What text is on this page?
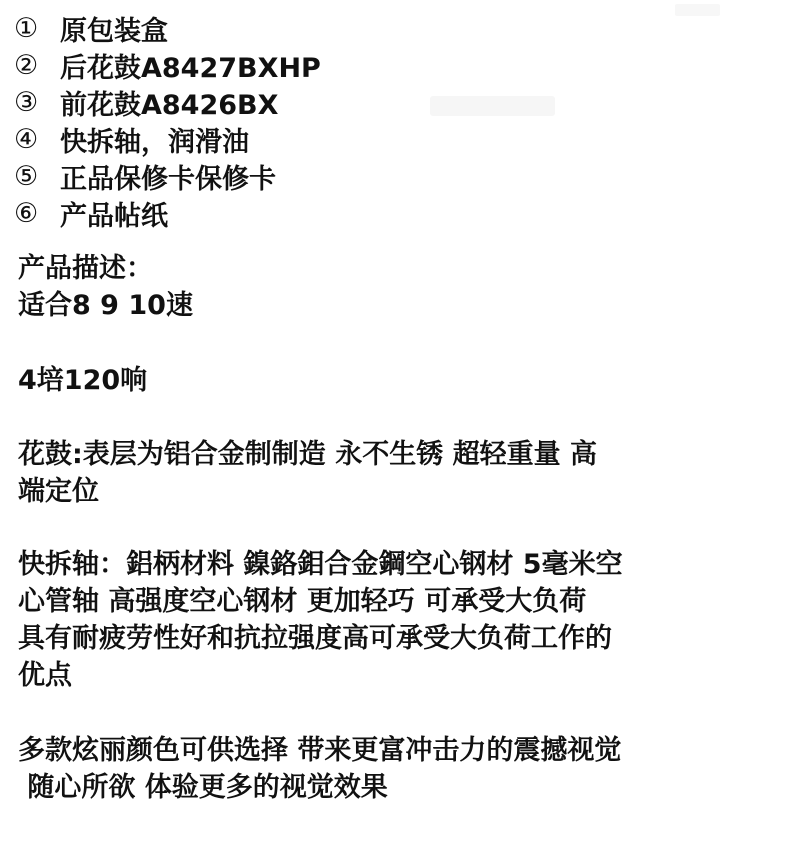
① 原包装盒
② 后花鼓A8427BXHP
③ 前花鼓A8426BX
④ 快拆轴，润滑油
⑤ 正品保修卡保修卡
⑥ 产品帖纸
产品描述：
适合8 9 10速
4培120响
花鼓:表层为铝合金制制造 永不生锈 超轻重量 高
端定位
快拆轴：鋁柄材料 鎳鉻鉬合金鋼空心钢材 5毫米空
心管轴 高强度空心钢材 更加轻巧 可承受大负荷
具有耐疲劳性好和抗拉强度高可承受大负荷工作的
优点
多款炫丽颜色可供选择 带来更富冲击力的震撼视觉
随心所欲 体验更多的视觉效果
